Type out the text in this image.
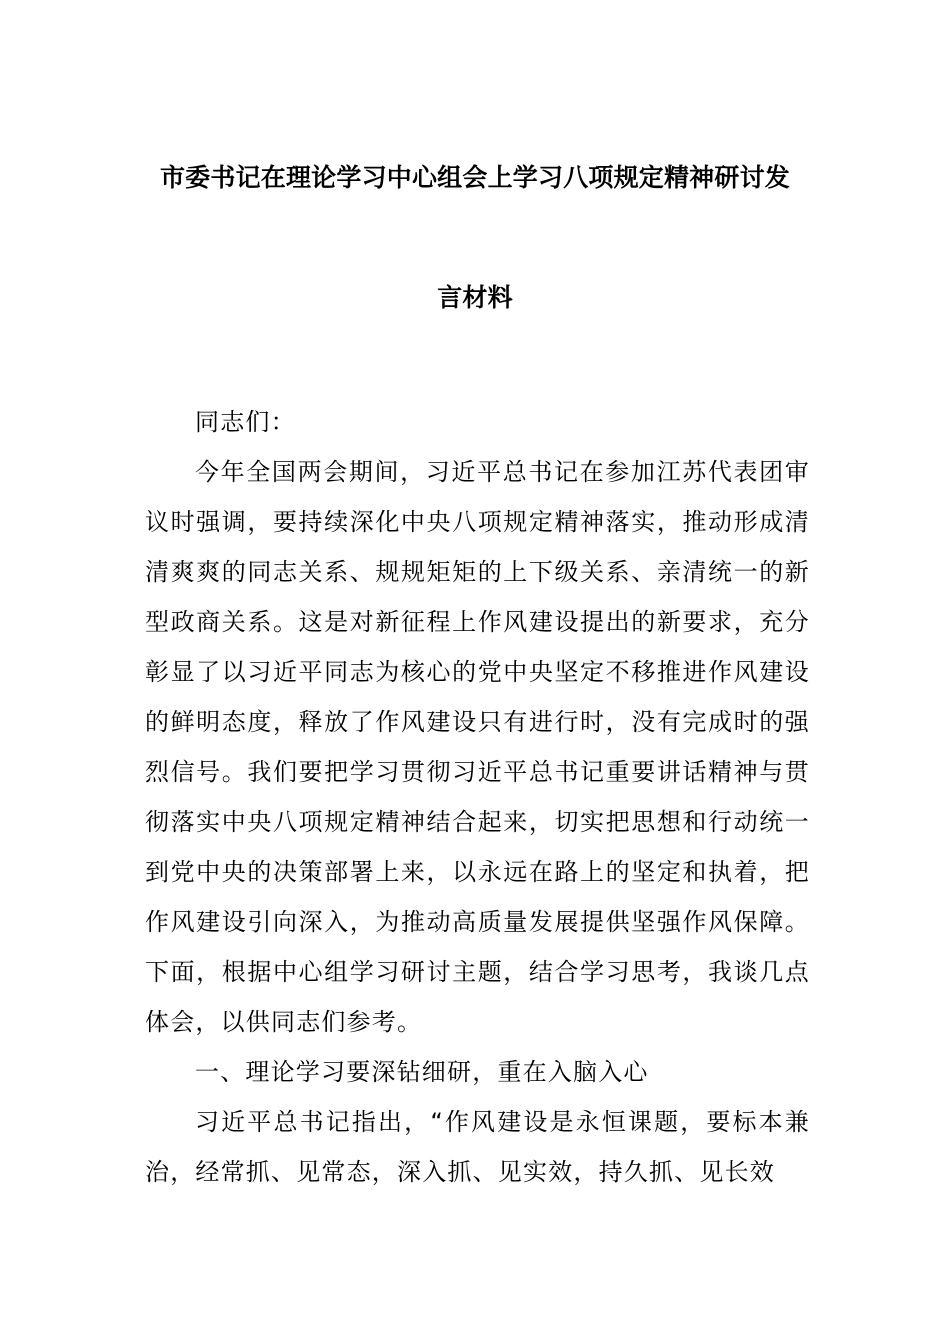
市委书记在理论学习中心组会上学习八项规定精神研讨发
言材料

同志们：

今年全国两会期间，习近平总书记在参加江苏代表团审议时强调，要持续深化中央八项规定精神落实，推动形成清清爽爽的同志关系、规规矩矩的上下级关系、亲清统一的新型政商关系。这是对新征程上作风建设提出的新要求，充分彰显了以习近平同志为核心的党中央坚定不移推进作风建设的鲜明态度，释放了作风建设只有进行时，没有完成时的强烈信号。我们要把学习贯彻习近平总书记重要讲话精神与贯彻落实中央八项规定精神结合起来，切实把思想和行动统一到党中央的决策部署上来，以永远在路上的坚定和执着，把作风建设引向深入，为推动高质量发展提供坚强作风保障。下面，根据中心组学习研讨主题，结合学习思考，我谈几点体会，以供同志们参考。

一、理论学习要深钻细研，重在入脑入心

习近平总书记指出，“作风建设是永恒课题，要标本兼治，经常抓、见常态，深入抓、见实效，持久抓、见长效
